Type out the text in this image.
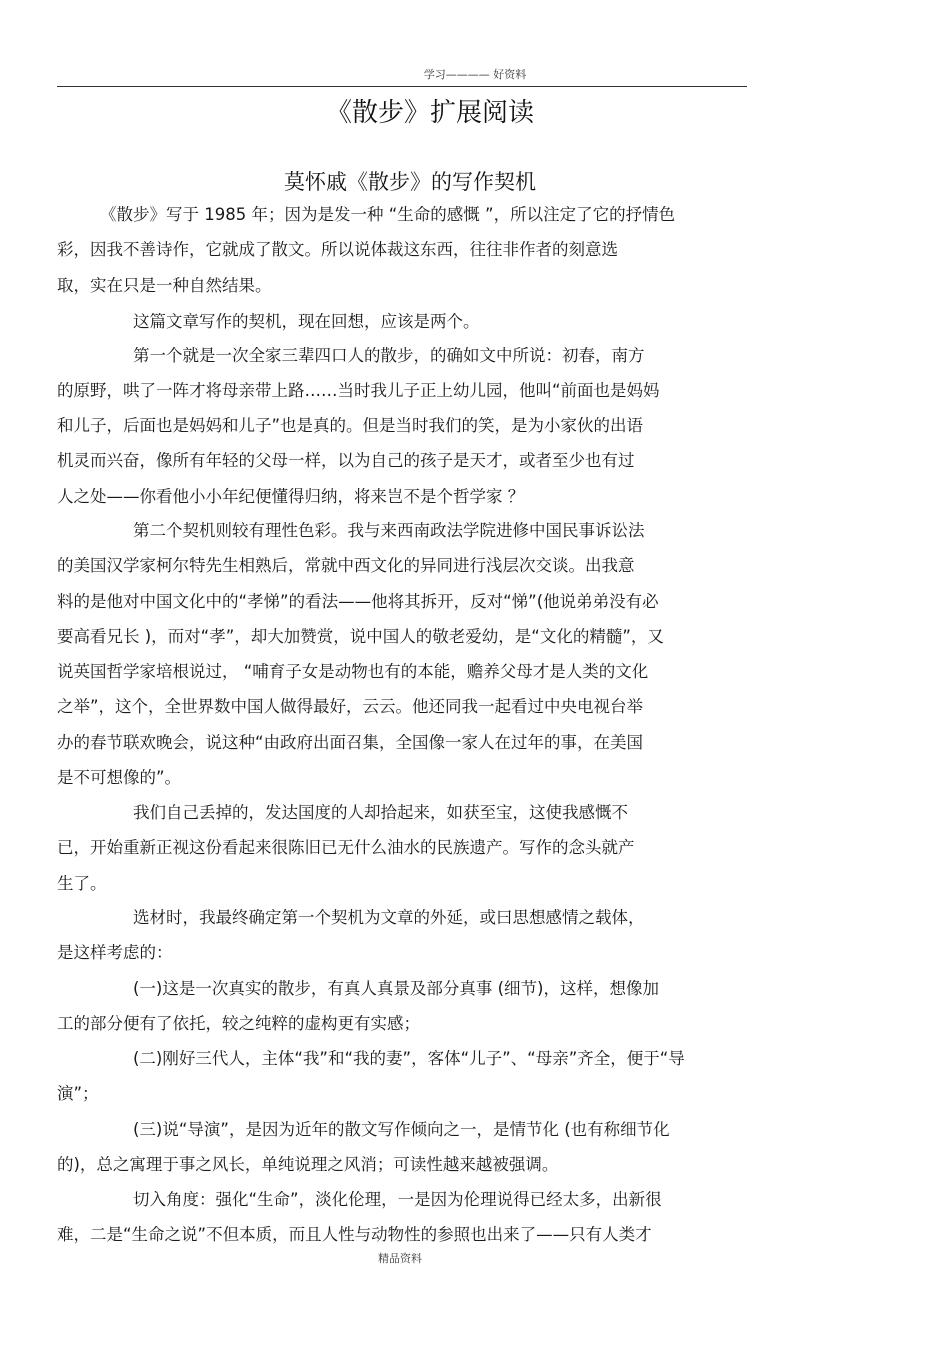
学习———— 好资料
《散步》扩展阅读
莫怀戚《散步》的写作契机
《散步》写于 1985 年；因为是发一种 “生命的感慨 ”，所以注定了它的抒情色
彩，因我不善诗作，它就成了散文。所以说体裁这东西，往往非作者的刻意选
取，实在只是一种自然结果。
这篇文章写作的契机，现在回想，应该是两个。
第一个就是一次全家三辈四口人的散步，的确如文中所说：初春，南方
的原野，哄了一阵才将母亲带上路……当时我儿子正上幼儿园，他叫“前面也是妈妈
和儿子，后面也是妈妈和儿子”也是真的。但是当时我们的笑，是为小家伙的出语
机灵而兴奋，像所有年轻的父母一样，以为自己的孩子是天才，或者至少也有过
人之处——你看他小小年纪便懂得归纳，将来岂不是个哲学家 ？
第二个契机则较有理性色彩。我与来西南政法学院进修中国民事诉讼法
的美国汉学家柯尔特先生相熟后，常就中西文化的异同进行浅层次交谈。出我意
料的是他对中国文化中的“孝悌”的看法——他将其拆开，反对“悌”(他说弟弟没有必
要高看兄长 )，而对“孝”，却大加赞赏，说中国人的敬老爱幼，是“文化的精髓”，又
说英国哲学家培根说过， “哺育子女是动物也有的本能，赡养父母才是人类的文化
之举”，这个，全世界数中国人做得最好，云云。他还同我一起看过中央电视台举
办的春节联欢晚会，说这种“由政府出面召集，全国像一家人在过年的事，在美国
是不可想像的”。
我们自己丢掉的，发达国度的人却拾起来，如获至宝，这使我感慨不
已，开始重新正视这份看起来很陈旧已无什么油水的民族遗产。写作的念头就产
生了。
选材时，我最终确定第一个契机为文章的外延，或曰思想感情之载体，
是这样考虑的：
(一)这是一次真实的散步，有真人真景及部分真事 (细节)，这样，想像加
工的部分便有了依托，较之纯粹的虚构更有实感；
(二)刚好三代人，主体“我”和“我的妻”，客体“儿子”、“母亲”齐全，便于“导
演”；
(三)说“导演”，是因为近年的散文写作倾向之一，是情节化 (也有称细节化
的)，总之寓理于事之风长，单纯说理之风消；可读性越来越被强调。
切入角度：强化“生命”，淡化伦理，一是因为伦理说得已经太多，出新很
难，二是“生命之说”不但本质，而且人性与动物性的参照也出来了——只有人类才
精品资料
